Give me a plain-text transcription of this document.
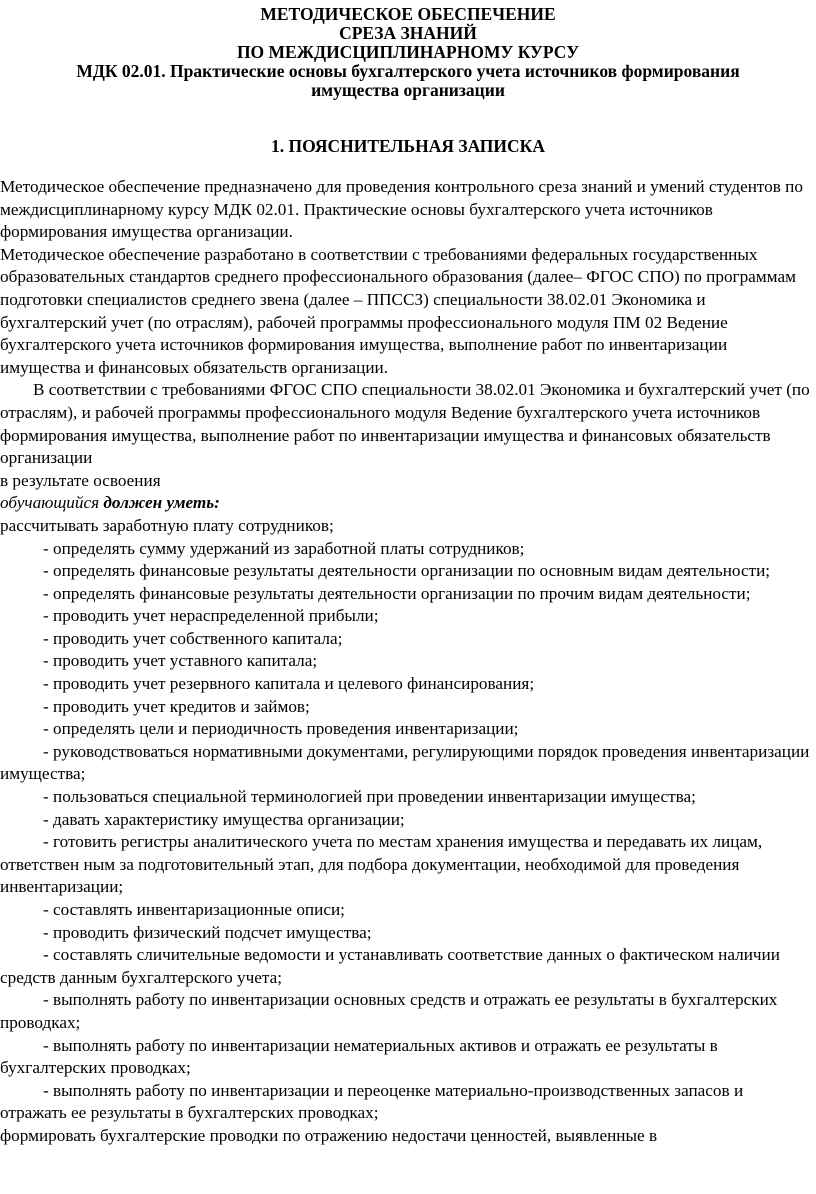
МЕТОДИЧЕСКОЕ ОБЕСПЕЧЕНИЕ
СРЕЗА ЗНАНИЙ
ПО МЕЖДИСЦИПЛИНАРНОМУ КУРСУ
МДК 02.01. Практические основы бухгалтерского учета источников формирования
имущества организации
1. ПОЯСНИТЕЛЬНАЯ ЗАПИСКА

Методическое обеспечение предназначено для проведения контрольного среза знаний и умений студентов по междисциплинарному курсу МДК 02.01. Практические основы бухгалтерского учета источников формирования имущества организации.

Методическое обеспечение разработано в соответствии с требованиями федеральных государственных образовательных стандартов среднего профессионального образования (далее– ФГОС СПО) по программам подготовки специалистов среднего звена (далее – ППССЗ) специальности 38.02.01 Экономика и бухгалтерский учет (по отраслям), рабочей программы профессионального модуля ПМ 02 Ведение бухгалтерского учета источников формирования имущества, выполнение работ по инвентаризации имущества и финансовых обязательств организации.

В соответствии с требованиями ФГОС СПО специальности 38.02.01 Экономика и бухгалтерский учет (по отраслям), и рабочей программы профессионального модуля Ведение бухгалтерского учета источников формирования имущества, выполнение работ по инвентаризации имущества и финансовых обязательств организации

в результате освоения

обучающийся должен уметь:

рассчитывать заработную плату сотрудников;

- определять сумму удержаний из заработной платы сотрудников;

- определять финансовые результаты деятельности организации по основным видам деятельности;

- определять финансовые результаты деятельности организации по прочим видам деятельности;

- проводить учет нераспределенной прибыли;

- проводить учет собственного капитала;

- проводить учет уставного капитала;

- проводить учет резервного капитала и целевого финансирования;

- проводить учет кредитов и займов;

- определять цели и периодичность проведения инвентаризации;

- руководствоваться нормативными документами, регулирующими порядок проведения инвентаризации имущества;

- пользоваться специальной терминологией при проведении инвентаризации имущества;

- давать характеристику имущества организации;

- готовить регистры аналитического учета по местам хранения имущества и передавать их лицам, ответствен ным за подготовительный этап, для подбора документации, необходимой для проведения инвентаризации;

- составлять инвентаризационные описи;

- проводить физический подсчет имущества;

- составлять сличительные ведомости и устанавливать соответствие данных о фактическом наличии средств данным бухгалтерского учета;

- выполнять работу по инвентаризации основных средств и отражать ее результаты в бухгалтерских проводках;

- выполнять работу по инвентаризации нематериальных активов и отражать ее результаты в бухгалтерских проводках;

- выполнять работу по инвентаризации и переоценке материально-производственных запасов и отражать ее результаты в бухгалтерских проводках;

формировать бухгалтерские проводки по отражению недостачи ценностей, выявленные в
